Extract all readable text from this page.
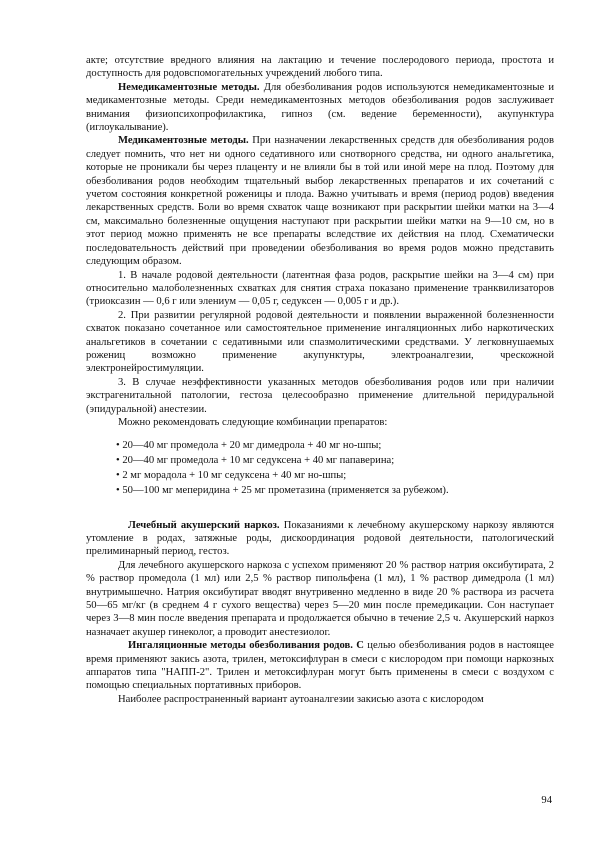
акте; отсутствие вредного влияния на лактацию и течение послеродового периода, простота и доступность для родовспомогательных учреждений любого типа.

Немедикаментозные методы. Для обезболивания родов используются немедикаментозные и медикаментозные методы. Среди немедикаментозных методов обезболивания родов заслуживает внимания физиопсихопрофилактика, гипноз (см. ведение беременности), акупунктура (иглоукалывание).

Медикаментозные методы. При назначении лекарственных средств для обезболивания родов следует помнить, что нет ни одного седативного или снотворного средства, ни одного анальгетика, которые не проникали бы через плаценту и не влияли бы в той или иной мере на плод. Поэтому для обезболивания родов необходим тщательный выбор лекарственных препаратов и их сочетаний с учетом состояния конкретной роженицы и плода. Важно учитывать и время (период родов) введения лекарственных средств. Боли во время схваток чаще возникают при раскрытии шейки матки на 3—4 см, максимально болезненные ощущения наступают при раскрытии шейки матки на 9—10 см, но в этот период можно применять не все препараты вследствие их действия на плод. Схематически последовательность действий при проведении обезболивания во время родов можно представить следующим образом.

1. В начале родовой деятельности (латентная фаза родов, раскрытие шейки на 3—4 см) при относительно малоболезненных схватках для снятия страха показано применение транквилизаторов (триоксазин — 0,6 г или элениум — 0,05 г, седуксен — 0,005 г и др.).

2. При развитии регулярной родовой деятельности и появлении выраженной болезненности схваток показано сочетанное или самостоятельное применение ингаляционных либо наркотических анальгетиков в сочетании с седативными или спазмолитическими средствами. У легковнушаемых рожениц возможно применение акупунктуры, электроаналгезии, чрескожной электронейростимуляции.

3. В случае неэффективности указанных методов обезболивания родов или при наличии экстрагенитальной патологии, гестоза целесообразно применение длительной перидуральной (эпидуральной) анестезии.

Можно рекомендовать следующие комбинации препаратов:

• 20—40 мг промедола + 20 мг димедрола + 40 мг но-шпы;
• 20—40 мг промедола + 10 мг седуксена + 40 мг папаверина;
• 2 мг морадола + 10 мг седуксена + 40 мг но-шпы;
• 50—100 мг меперидина + 25 мг прометазина (применяется за рубежом).

Лечебный акушерский наркоз. Показаниями к лечебному акушерскому наркозу являются утомление в родах, затяжные роды, дискоординация родовой деятельности, патологический прелиминарный период, гестоз.

Для лечебного акушерского наркоза с успехом применяют 20 % раствор натрия оксибутирата, 2 % раствор промедола (1 мл) или 2,5 % раствор пипольфена (1 мл), 1 % раствор димедрола (1 мл) внутримышечно. Натрия оксибутират вводят внутривенно медленно в виде 20 % раствора из расчета 50—65 мг/кг (в среднем 4 г сухого вещества) через 5—20 мин после премедикации. Сон наступает через 3—8 мин после введения препарата и продолжается обычно в течение 2,5 ч. Акушерский наркоз назначает акушер гинеколог, а проводит анестезиолог.

Ингаляционные методы обезболивания родов. С целью обезболивания родов в настоящее время применяют закись азота, трилен, метоксифлуран в смеси с кислородом при помощи наркозных аппаратов типа "НАПП-2". Трилен и метоксифлуран могут быть применены в смеси с воздухом с помощью специальных портативных приборов.

Наиболее распространенный вариант аутоаналгезии закисью азота с кислородом

94
